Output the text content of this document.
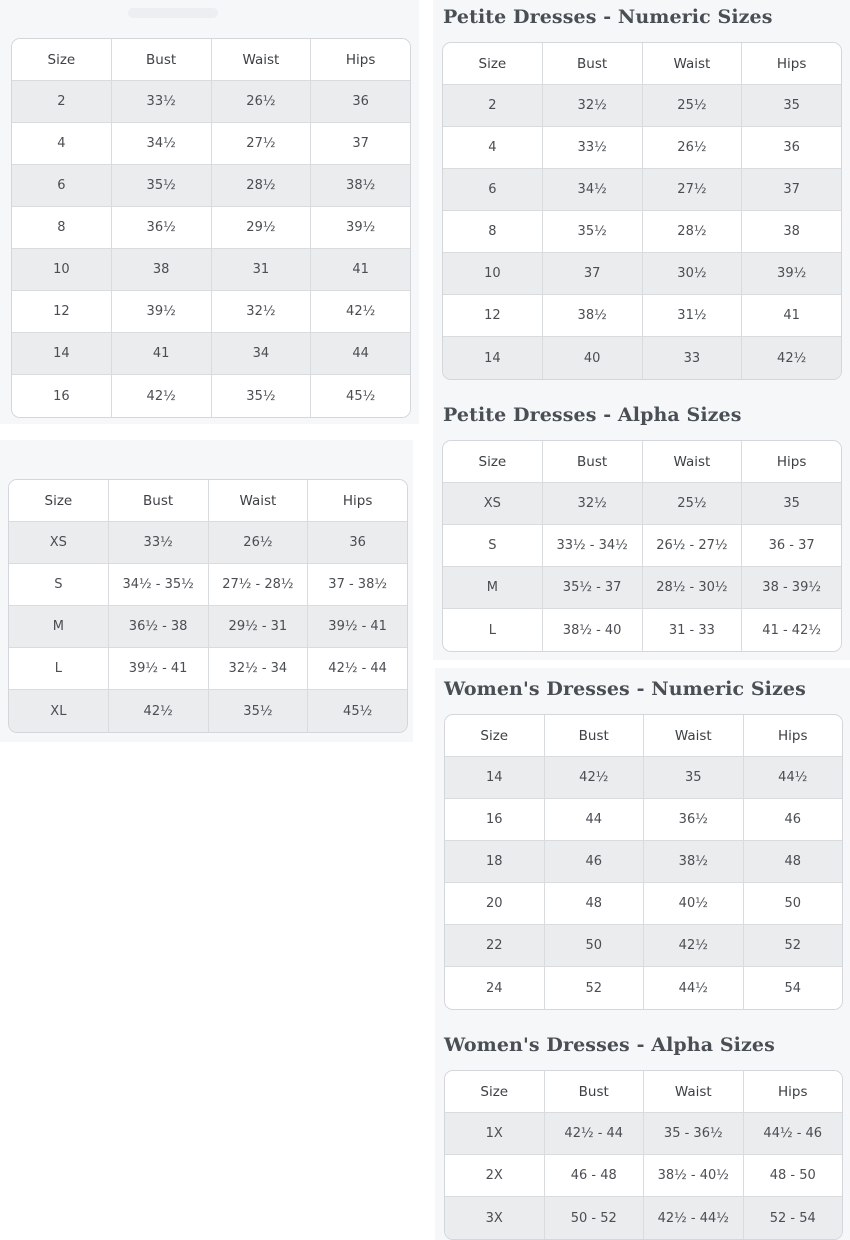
Petite Dresses - Numeric Sizes
Petite Dresses - Alpha Sizes
Women's Dresses - Numeric Sizes
Women's Dresses - Alpha Sizes
Size	Bust	Waist	Hips
2	33½	26½	36
4	34½	27½	37
6	35½	28½	38½
8	36½	29½	39½
10	38	31	41
12	39½	32½	42½
14	41	34	44
16	42½	35½	45½
Size	Bust	Waist	Hips
XS	33½	26½	36
S	34½ - 35½	27½ - 28½	37 - 38½
M	36½ - 38	29½ - 31	39½ - 41
L	39½ - 41	32½ - 34	42½ - 44
XL	42½	35½	45½
Size	Bust	Waist	Hips
2	32½	25½	35
4	33½	26½	36
6	34½	27½	37
8	35½	28½	38
10	37	30½	39½
12	38½	31½	41
14	40	33	42½
Size	Bust	Waist	Hips
XS	32½	25½	35
S	33½ - 34½	26½ - 27½	36 - 37
M	35½ - 37	28½ - 30½	38 - 39½
L	38½ - 40	31 - 33	41 - 42½
Size	Bust	Waist	Hips
14	42½	35	44½
16	44	36½	46
18	46	38½	48
20	48	40½	50
22	50	42½	52
24	52	44½	54
Size	Bust	Waist	Hips
1X	42½ - 44	35 - 36½	44½ - 46
2X	46 - 48	38½ - 40½	48 - 50
3X	50 - 52	42½ - 44½	52 - 54
